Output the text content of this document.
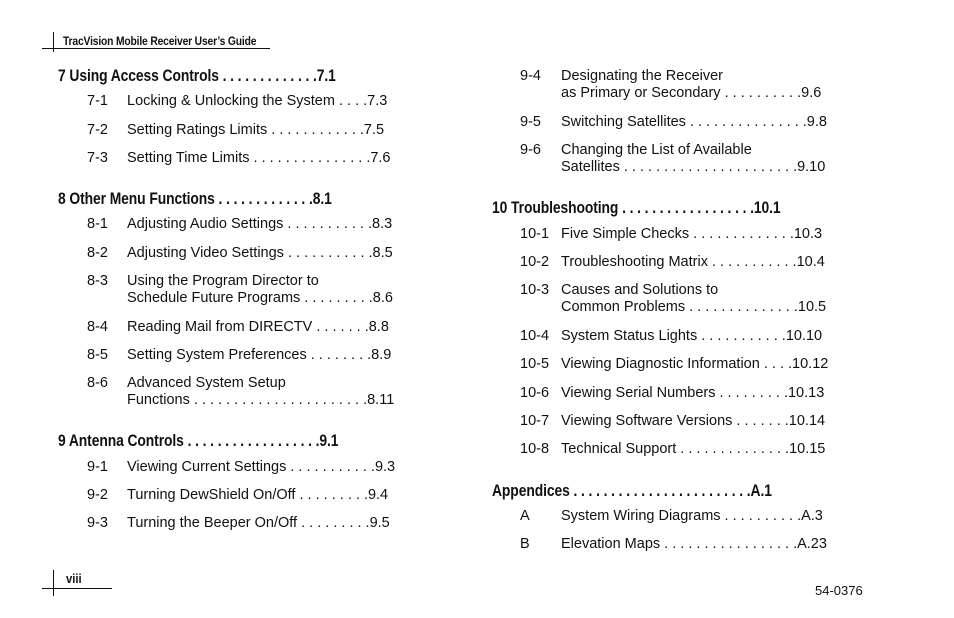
TracVision Mobile Receiver User’s Guide
7 Using Access Controls . . . . . . . . . . . . .7.1
7-1 Locking & Unlocking the System . . . .7.3
7-2 Setting Ratings Limits . . . . . . . . . . . .7.5
7-3 Setting Time Limits . . . . . . . . . . . . . . .7.6
8 Other Menu Functions . . . . . . . . . . . . .8.1
8-1 Adjusting Audio Settings . . . . . . . . . . .8.3
8-2 Adjusting Video Settings . . . . . . . . . . .8.5
8-3 Using the Program Director to
Schedule Future Programs . . . . . . . . .8.6
8-4 Reading Mail from DIRECTV . . . . . . .8.8
8-5 Setting System Preferences . . . . . . . .8.9
8-6 Advanced System Setup
Functions . . . . . . . . . . . . . . . . . . . . . .8.11
9 Antenna Controls . . . . . . . . . . . . . . . . . .9.1
9-1 Viewing Current Settings . . . . . . . . . . .9.3
9-2 Turning DewShield On/Off . . . . . . . . .9.4
9-3 Turning the Beeper On/Off . . . . . . . . .9.5
9-4 Designating the Receiver
as Primary or Secondary . . . . . . . . . .9.6
9-5 Switching Satellites . . . . . . . . . . . . . . .9.8
9-6 Changing the List of Available
Satellites . . . . . . . . . . . . . . . . . . . . . .9.10
10 Troubleshooting . . . . . . . . . . . . . . . . . .10.1
10-1 Five Simple Checks . . . . . . . . . . . . .10.3
10-2 Troubleshooting Matrix . . . . . . . . . . .10.4
10-3 Causes and Solutions to
Common Problems . . . . . . . . . . . . . .10.5
10-4 System Status Lights . . . . . . . . . . .10.10
10-5 Viewing Diagnostic Information . . . .10.12
10-6 Viewing Serial Numbers . . . . . . . . .10.13
10-7 Viewing Software Versions . . . . . . .10.14
10-8 Technical Support . . . . . . . . . . . . . .10.15
Appendices . . . . . . . . . . . . . . . . . . . . . . . .A.1
A System Wiring Diagrams . . . . . . . . . .A.3
B Elevation Maps . . . . . . . . . . . . . . . . .A.23
viii
54-0376
